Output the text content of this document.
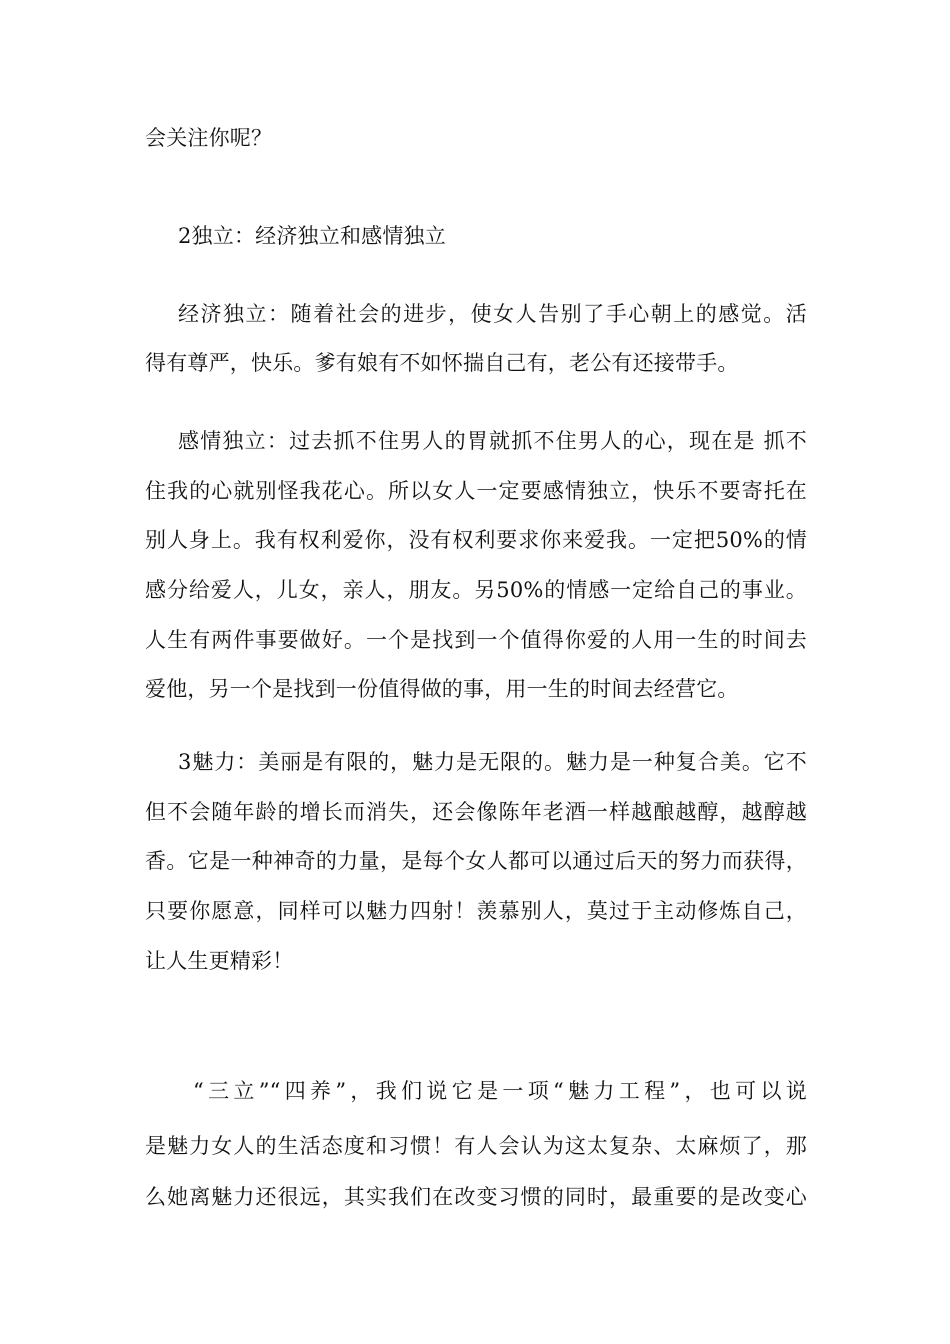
会关注你呢？
2独立：经济独立和感情独立
经济独立：随着社会的进步，使女人告别了手心朝上的感觉。活
得有尊严，快乐。爹有娘有不如怀揣自己有，老公有还接带手。
感情独立：过去抓不住男人的胃就抓不住男人的心，现在是 抓不
住我的心就别怪我花心。所以女人一定要感情独立，快乐不要寄托在
别人身上。我有权利爱你，没有权利要求你来爱我。一定把50%的情
感分给爱人，儿女，亲人，朋友。另50%的情感一定给自己的事业。
人生有两件事要做好。一个是找到一个值得你爱的人用一生的时间去
爱他，另一个是找到一份值得做的事，用一生的时间去经营它。
3魅力：美丽是有限的，魅力是无限的。魅力是一种复合美。它不
但不会随年龄的增长而消失，还会像陈年老酒一样越酿越醇，越醇越
香。它是一种神奇的力量，是每个女人都可以通过后天的努力而获得，
只要你愿意，同样可以魅力四射！羡慕别人，莫过于主动修炼自己，
让人生更精彩！
“三立”“四养”，我们说它是一项“魅力工程”，也可以说
是魅力女人的生活态度和习惯！有人会认为这太复杂、太麻烦了，那
么她离魅力还很远，其实我们在改变习惯的同时，最重要的是改变心
